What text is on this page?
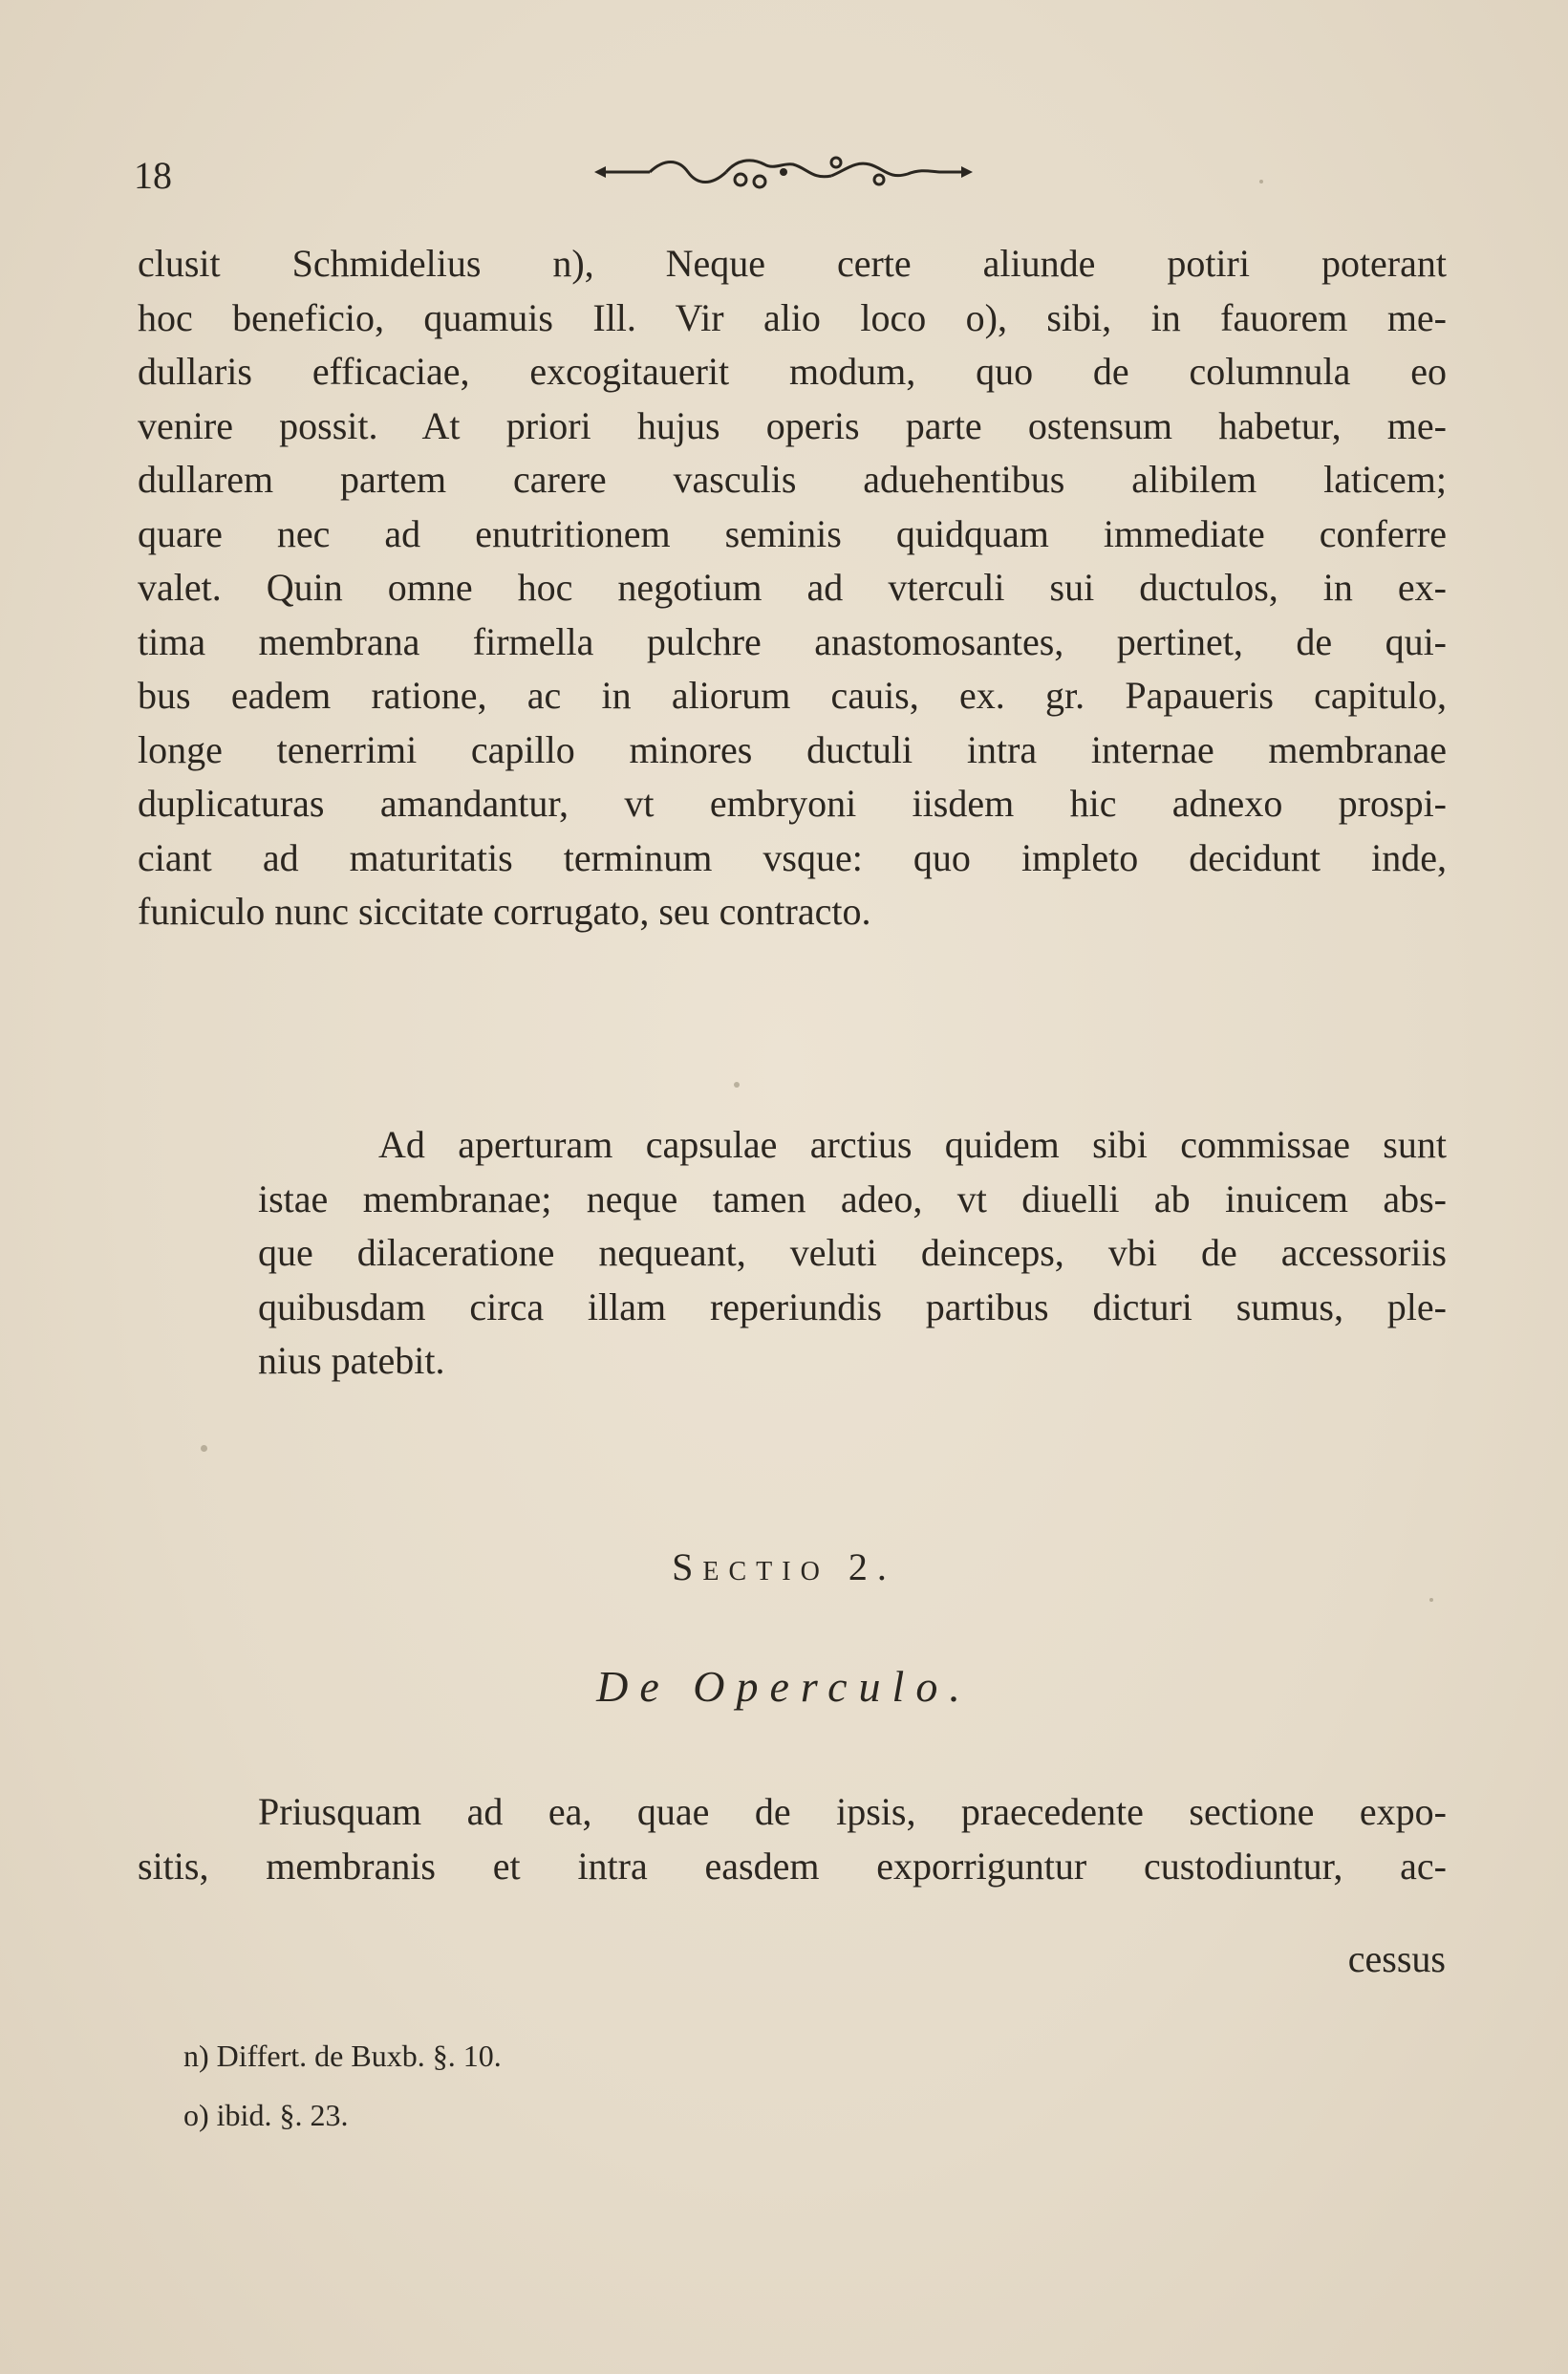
18
clusit Schmidelius n), Neque certe aliunde potiri poterant
hoc beneficio, quamuis Ill. Vir alio loco o), sibi, in fauorem me-
dullaris efficaciae, excogitauerit modum, quo de columnula eo
venire possit. At priori hujus operis parte ostensum habetur, me-
dullarem partem carere vasculis aduehentibus alibilem laticem;
quare nec ad enutritionem seminis quidquam immediate conferre
valet. Quin omne hoc negotium ad vterculi sui ductulos, in ex-
tima membrana firmella pulchre anastomosantes, pertinet, de qui-
bus eadem ratione, ac in aliorum cauis, ex. gr. Papaueris capitulo,
longe tenerrimi capillo minores ductuli intra internae membranae
duplicaturas amandantur, vt embryoni iisdem hic adnexo prospi-
ciant ad maturitatis terminum vsque: quo impleto decidunt inde,
funiculo nunc siccitate corrugato, seu contracto.
Ad aperturam capsulae arctius quidem sibi commissae sunt
istae membranae; neque tamen adeo, vt diuelli ab inuicem abs-
que dilaceratione nequeant, veluti deinceps, vbi de accessoriis
quibusdam circa illam reperiundis partibus dicturi sumus, ple-
nius patebit.
Sectio 2.
De Operculo.
Priusquam ad ea, quae de ipsis, praecedente sectione expo-
sitis, membranis et intra easdem exporriguntur custodiuntur, ac-
cessus
n) Differt. de Buxb. §. 10.
o) ibid. §. 23.
